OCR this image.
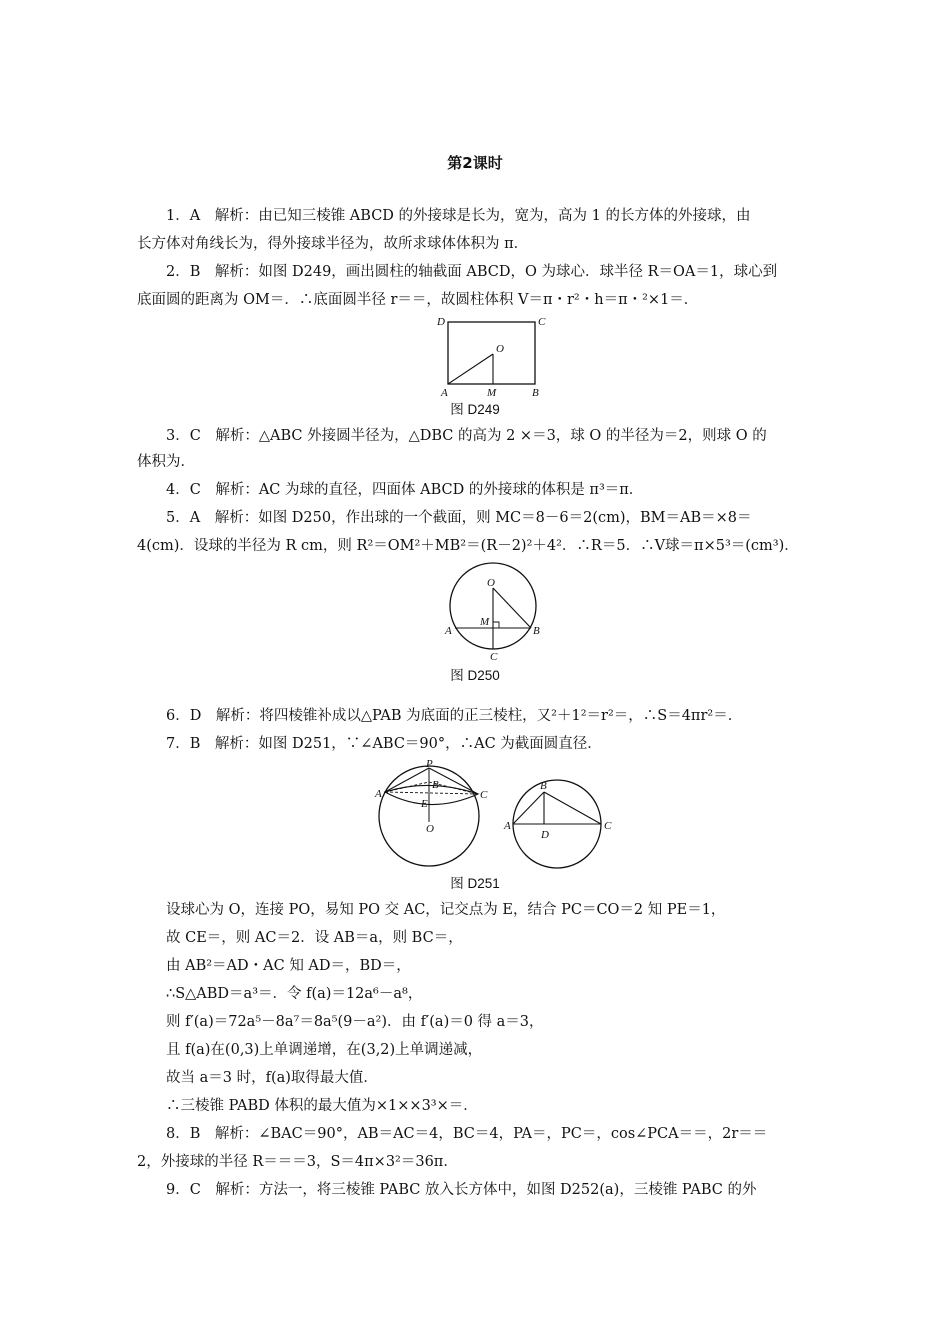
第2课时
1．A　解析：由已知三棱锥 ABCD 的外接球是长为，宽为，高为 1 的长方体的外接球，由
长方体对角线长为，得外接球半径为，故所求球体体积为 π．
2．B　解析：如图 D249，画出圆柱的轴截面 ABCD，O 为球心．球半径 R＝OA＝1，球心到
底面圆的距离为 OM＝．∴底面圆半径 r＝＝，故圆柱体积 V＝π・r²・h＝π・²×1＝．
D	C
O
A	M	B
图 D249
3．C　解析：△ABC 外接圆半径为，△DBC 的高为 2 ×＝3，球 O 的半径为＝2，则球 O 的
体积为．
4．C　解析：AC 为球的直径，四面体 ABCD 的外接球的体积是 π³＝π．
5．A　解析：如图 D250，作出球的一个截面，则 MC＝8－6＝2(cm)，BM＝AB＝×8＝
4(cm)．设球的半径为 R cm，则 R²＝OM²＋MB²＝(R－2)²＋4²．∴R＝5．∴V球＝π×5³＝(cm³)．
O
M
A	B
C
图 D250
6．D　解析：将四棱锥补成以△PAB 为底面的正三棱柱，又²＋1²＝r²＝，∴S＝4πr²＝．
7．B　解析：如图 D251，∵∠ABC＝90°，∴AC 为截面圆直径．
P
B
A	C
E
O
B
A
D
C
图 D251
设球心为 O，连接 PO，易知 PO 交 AC，记交点为 E，结合 PC＝CO＝2 知 PE＝1，
故 CE＝，则 AC＝2．设 AB＝a，则 BC＝，
由 AB²＝AD・AC 知 AD＝，BD＝，
∴S△ABD＝a³＝．令 f(a)＝12a⁶－a⁸，
则 f′(a)＝72a⁵－8a⁷＝8a⁵(9－a²)．由 f′(a)＝0 得 a＝3，
且 f(a)在(0,3)上单调递增，在(3,2)上单调递减，
故当 a＝3 时，f(a)取得最大值．
∴三棱锥 PABD 体积的最大值为×1××3³×＝．
8．B　解析：∠BAC＝90°，AB＝AC＝4，BC＝4，PA＝，PC＝，cos∠PCA＝＝，2r＝＝
2，外接球的半径 R＝＝＝3，S＝4π×3²＝36π．
9．C　解析：方法一，将三棱锥 PABC 放入长方体中，如图 D252(a)，三棱锥 PABC 的外
